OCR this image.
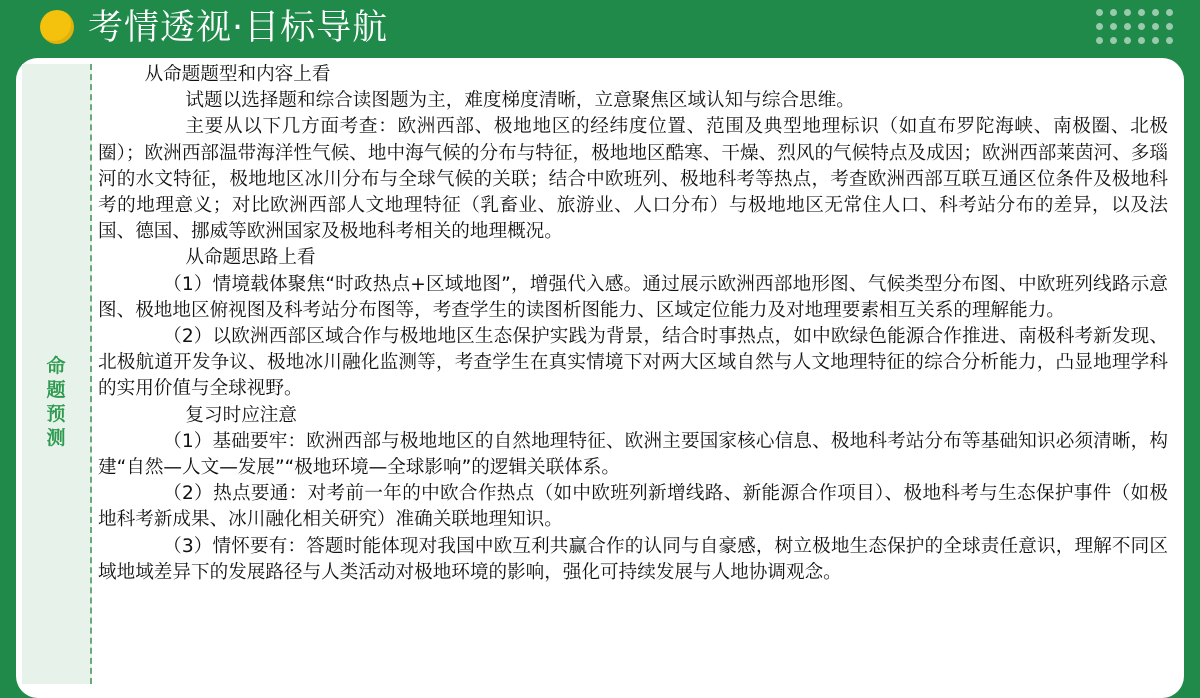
考情透视·目标导航
命 题
预 测

从命题题型和内容上看

试题以选择题和综合读图题为主，难度梯度清晰，立意聚焦区域认知与综合思维。

主要从以下几方面考查：欧洲西部、极地地区的经纬度位置、范围及典型地理标识（如直布罗陀海峡、南极圈、北极圈）；欧洲西部温带海洋性气候、地中海气候的分布与特征，极地地区酷寒、干燥、烈风的气候特点及成因；欧洲西部莱茵河、多瑙河的水文特征，极地地区冰川分布与全球气候的关联；结合中欧班列、极地科考等热点，考查欧洲西部互联互通区位条件及极地科考的地理意义；对比欧洲西部人文地理特征（乳畜业、旅游业、人口分布）与极地地区无常住人口、科考站分布的差异，以及法国、德国、挪威等欧洲国家及极地科考相关的地理概况。

从命题思路上看

（1）情境载体聚焦“时政热点+区域地图”，增强代入感。通过展示欧洲西部地形图、气候类型分布图、中欧班列线路示意图、极地地区俯视图及科考站分布图等，考查学生的读图析图能力、区域定位能力及对地理要素相互关系的理解能力。

（2）以欧洲西部区域合作与极地地区生态保护实践为背景，结合时事热点，如中欧绿色能源合作推进、南极科考新发现、北极航道开发争议、极地冰川融化监测等，考查学生在真实情境下对两大区域自然与人文地理特征的综合分析能力，凸显地理学科的实用价值与全球视野。

复习时应注意

（1）基础要牢：欧洲西部与极地地区的自然地理特征、欧洲主要国家核心信息、极地科考站分布等基础知识必须清晰，构建“自然—人文—发展”“极地环境—全球影响”的逻辑关联体系。

（2）热点要通：对考前一年的中欧合作热点（如中欧班列新增线路、新能源合作项目）、极地科考与生态保护事件（如极地科考新成果、冰川融化相关研究）准确关联地理知识。

（3）情怀要有：答题时能体现对我国中欧互利共赢合作的认同与自豪感，树立极地生态保护的全球责任意识，理解不同区域地域差异下的发展路径与人类活动对极地环境的影响，强化可持续发展与人地协调观念。
